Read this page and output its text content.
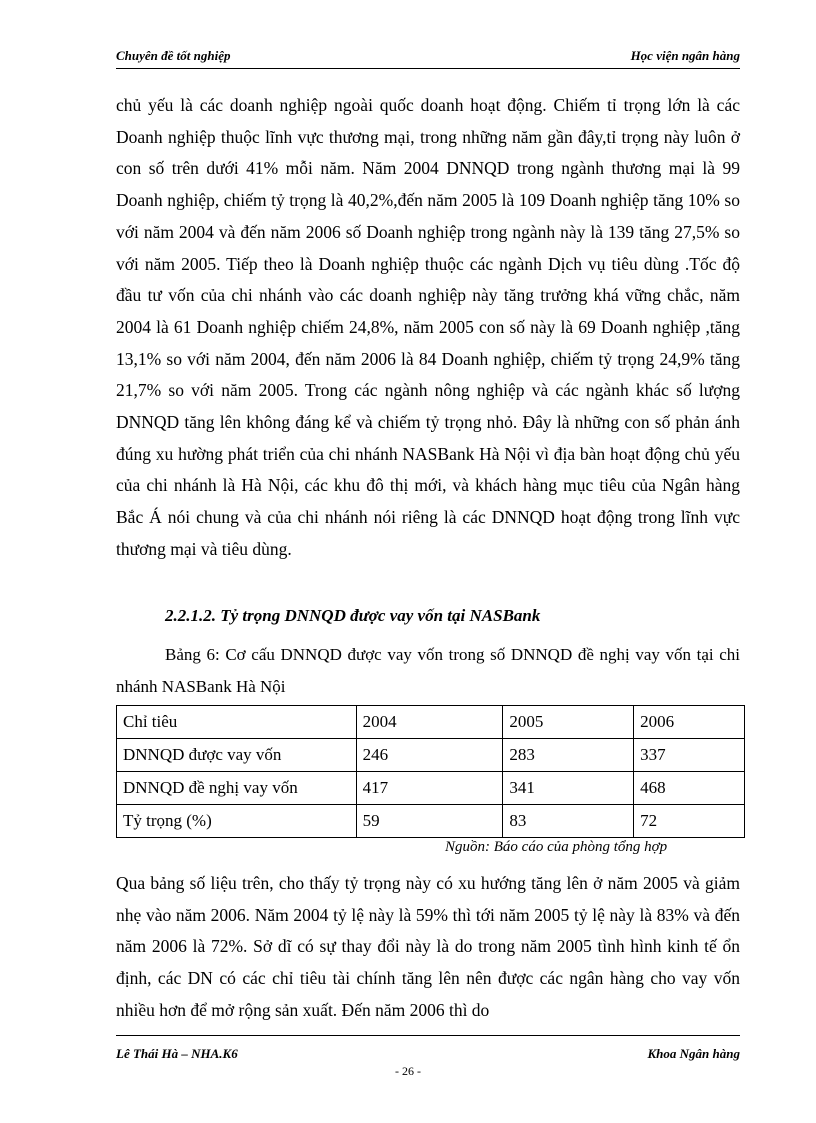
Chuyên đề tốt nghiệp	Học viện ngân hàng

chủ yếu là các doanh nghiệp ngoài quốc doanh hoạt động. Chiếm tỉ trọng lớn là các Doanh nghiệp thuộc lĩnh vực thương mại, trong những năm gần đây,tỉ trọng này luôn ở con số trên dưới 41% mỗi năm. Năm 2004 DNNQD trong ngành thương mại là 99 Doanh nghiệp, chiếm tỷ trọng là 40,2%,đến năm 2005 là 109 Doanh nghiệp tăng 10% so với năm 2004 và đến năm 2006 số Doanh nghiệp trong ngành này là 139 tăng 27,5% so với năm 2005. Tiếp theo là Doanh nghiệp thuộc các ngành Dịch vụ tiêu dùng .Tốc độ đầu tư vốn của chi nhánh vào các doanh nghiệp này tăng trưởng khá vững chắc, năm 2004 là 61 Doanh nghiệp chiếm 24,8%, năm 2005 con số này là 69 Doanh nghiệp ,tăng 13,1% so với năm 2004, đến năm 2006 là 84 Doanh nghiệp, chiếm tỷ trọng 24,9% tăng 21,7% so với năm 2005. Trong các ngành nông nghiệp và các ngành khác số lượng DNNQD tăng lên không đáng kể và chiếm tỷ trọng nhỏ. Đây là những con số phản ánh đúng xu hường phát triển của chi nhánh NASBank Hà Nội vì địa bàn hoạt động chủ yếu của chi nhánh là Hà Nội, các khu đô thị mới, và khách hàng mục tiêu của Ngân hàng Bắc Á nói chung và của chi nhánh nói riêng là các DNNQD hoạt động trong lĩnh vực thương mại và tiêu dùng.

2.2.1.2. Tỷ trọng DNNQD được vay vốn tại NASBank
Bảng 6: Cơ cấu DNNQD được vay vốn trong số DNNQD đề nghị vay vốn tại chi nhánh NASBank Hà Nội
Chỉ tiêu	2004	2005	2006
DNNQD được vay vốn	246	283	337
DNNQD đề nghị vay vốn	417	341	468
Tỷ trọng (%)	59	83	72
Nguồn: Báo cáo của phòng tổng hợp

Qua bảng số liệu trên, cho thấy tỷ trọng này có xu hướng tăng lên ở năm 2005 và giảm nhẹ vào năm 2006. Năm 2004 tỷ lệ này là 59% thì tới năm 2005 tỷ lệ này là 83% và đến năm 2006 là 72%. Sở dĩ có sự thay đổi này là do trong năm 2005 tình hình kinh tế ổn định, các DN có các chỉ tiêu tài chính tăng lên nên được các ngân hàng cho vay vốn nhiều hơn để mở rộng sản xuất. Đến năm 2006 thì do

Lê Thái Hà – NHA.K6	Khoa Ngân hàng
- 26 -
